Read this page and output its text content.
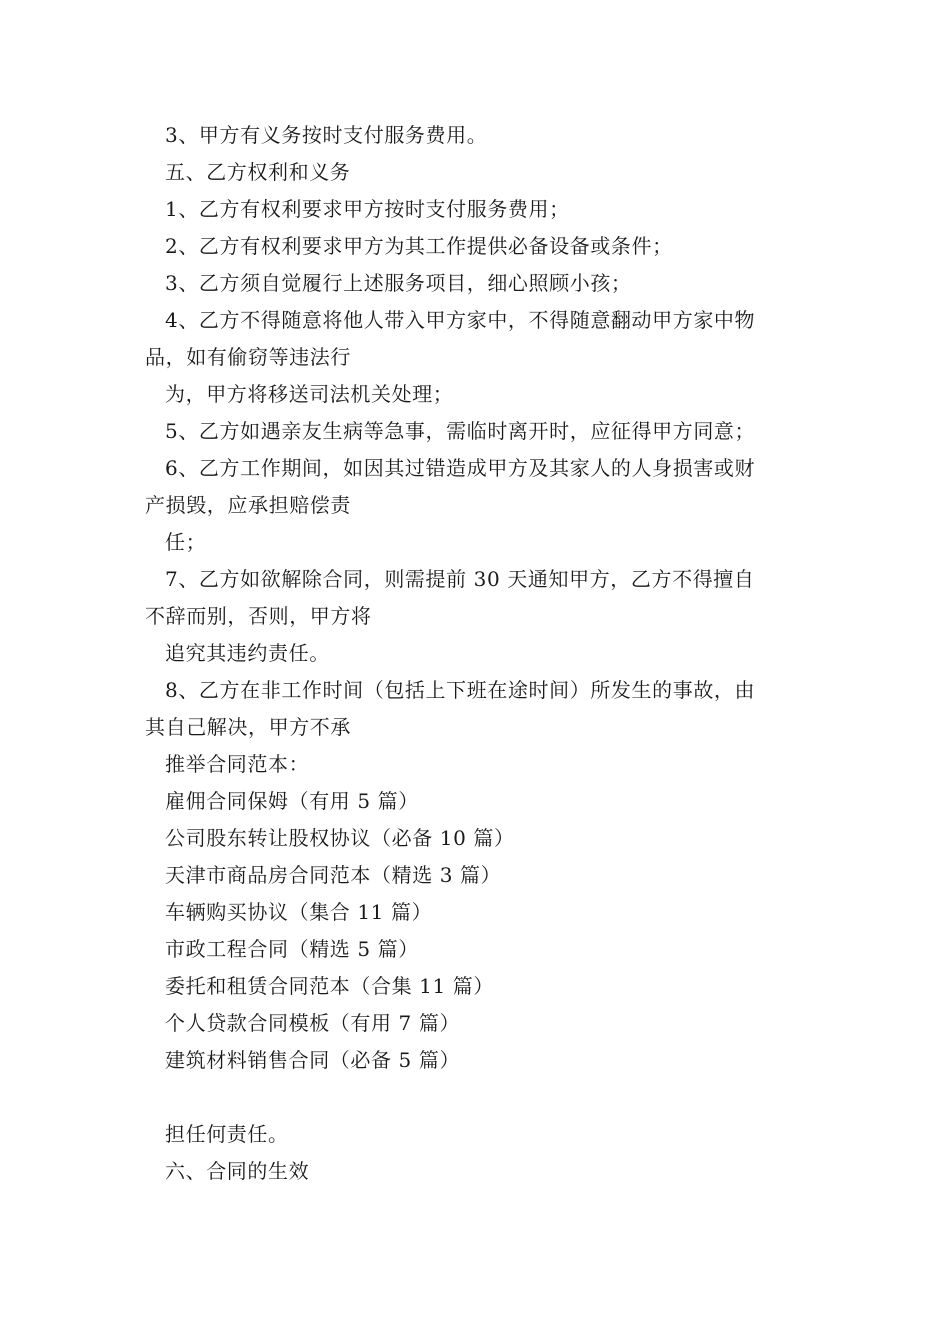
3、甲方有义务按时支付服务费用。
五、乙方权利和义务
1、乙方有权利要求甲方按时支付服务费用；
2、乙方有权利要求甲方为其工作提供必备设备或条件；
3、乙方须自觉履行上述服务项目，细心照顾小孩；
4、乙方不得随意将他人带入甲方家中，不得随意翻动甲方家中物
品，如有偷窃等违法行
为，甲方将移送司法机关处理；
5、乙方如遇亲友生病等急事，需临时离开时，应征得甲方同意；
6、乙方工作期间，如因其过错造成甲方及其家人的人身损害或财
产损毁，应承担赔偿责
任；
7、乙方如欲解除合同，则需提前 30 天通知甲方，乙方不得擅自
不辞而别，否则，甲方将
追究其违约责任。
8、乙方在非工作时间（包括上下班在途时间）所发生的事故，由
其自己解决，甲方不承
推举合同范本：
雇佣合同保姆（有用 5 篇）
公司股东转让股权协议（必备 10 篇）
天津市商品房合同范本（精选 3 篇）
车辆购买协议（集合 11 篇）
市政工程合同（精选 5 篇）
委托和租赁合同范本（合集 11 篇）
个人贷款合同模板（有用 7 篇）
建筑材料销售合同（必备 5 篇）
担任何责任。
六、合同的生效
